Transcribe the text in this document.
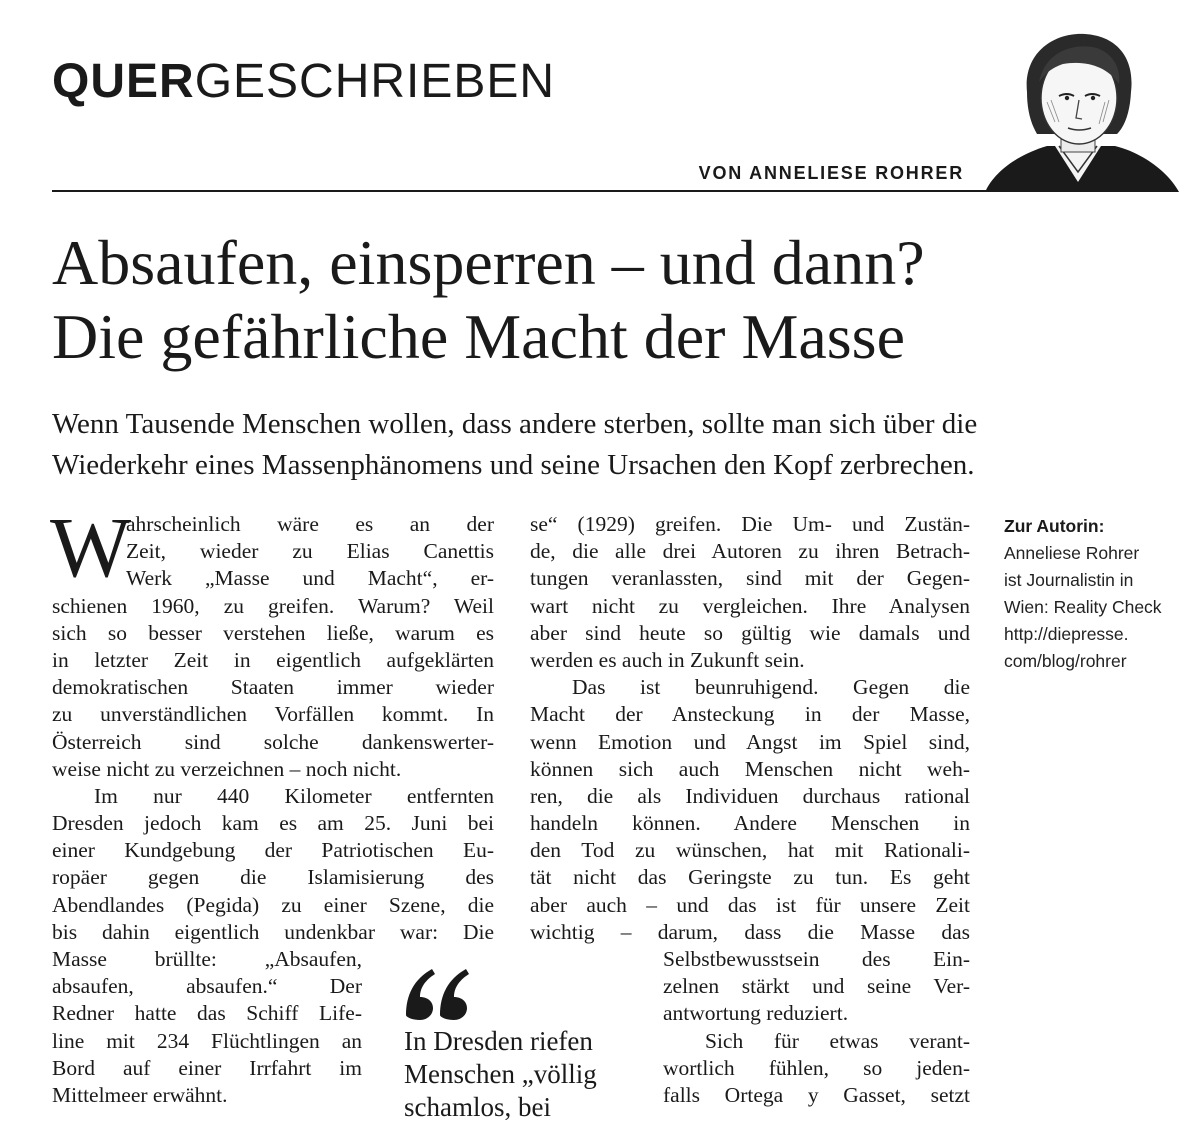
QUERGESCHRIEBEN
VON ANNELIESE ROHRER
Absaufen, einsperren – und dann?
Die gefährliche Macht der Masse
Wenn Tausende Menschen wollen, dass andere sterben, sollte man sich über die
Wiederkehr eines Massenphänomens und seine Ursachen den Kopf zerbrechen.
W
ahrscheinlich wäre es an der
Zeit, wieder zu Elias Canettis
Werk „Masse und Macht“, er-
schienen 1960, zu greifen. Warum? Weil
sich so besser verstehen ließe, warum es
in letzter Zeit in eigentlich aufgeklärten
demokratischen Staaten immer wieder
zu unverständlichen Vorfällen kommt. In
Österreich sind solche dankenswerter-
weise nicht zu verzeichnen – noch nicht.
Im nur 440 Kilometer entfernten
Dresden jedoch kam es am 25. Juni bei
einer Kundgebung der Patriotischen Eu-
ropäer gegen die Islamisierung des
Abendlandes (Pegida) zu einer Szene, die
bis dahin eigentlich undenkbar war: Die
Masse brüllte: „Absaufen,
absaufen, absaufen.“ Der
Redner hatte das Schiff Life-
line mit 234 Flüchtlingen an
Bord auf einer Irrfahrt im
Mittelmeer erwähnt.
se“ (1929) greifen. Die Um- und Zustän-
de, die alle drei Autoren zu ihren Betrach-
tungen veranlassten, sind mit der Gegen-
wart nicht zu vergleichen. Ihre Analysen
aber sind heute so gültig wie damals und
werden es auch in Zukunft sein.
Das ist beunruhigend. Gegen die
Macht der Ansteckung in der Masse,
wenn Emotion und Angst im Spiel sind,
können sich auch Menschen nicht weh-
ren, die als Individuen durchaus rational
handeln können. Andere Menschen in
den Tod zu wünschen, hat mit Rationali-
tät nicht das Geringste zu tun. Es geht
aber auch – und das ist für unsere Zeit
wichtig – darum, dass die Masse das
Selbstbewusstsein des Ein-
zelnen stärkt und seine Ver-
antwortung reduziert.
Sich für etwas verant-
wortlich fühlen, so jeden-
falls Ortega y Gasset, setzt
Zur Autorin:
Anneliese Rohrer
ist Journalistin in
Wien: Reality Check
http://diepresse.
com/blog/rohrer
In Dresden riefen
Menschen „völlig
schamlos, bei
